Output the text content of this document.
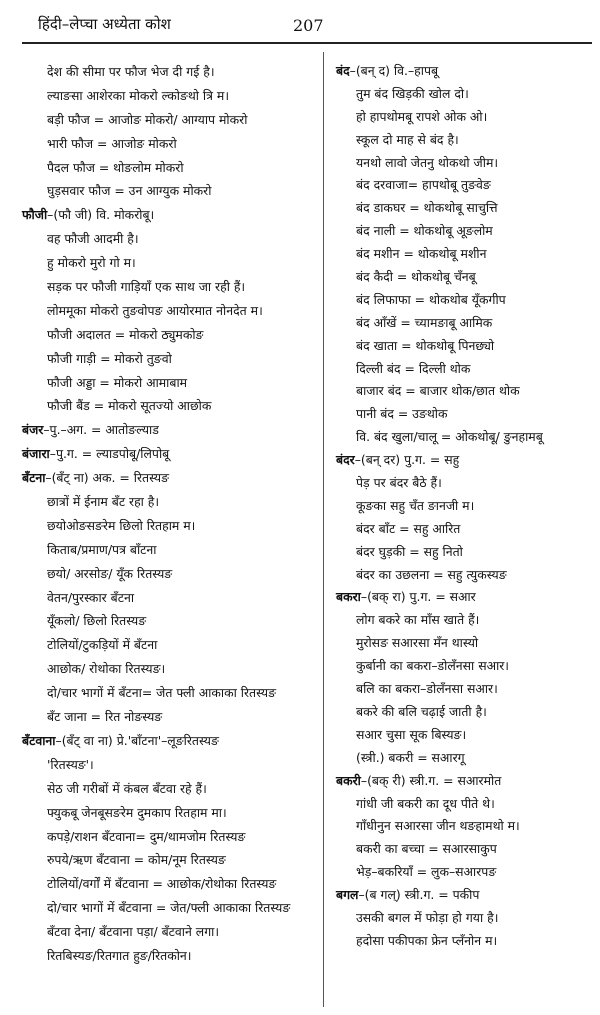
हिंदी–लेप्चा अध्येता कोश	207
देश की सीमा पर फौज भेज दी गई है।
ल्याङसा आशेरका मोकरो ल्कोङथो त्रि म।
बड़ी फौज = आजोङ मोकरो/ आग्याप मोकरो
भारी फौज = आजोङ मोकरो
पैदल फौज = थोङलोम मोकरो
घुड़सवार फौज = उन आग्युक मोकरो
फौजी–(फौ जी) वि. मोकरोबू।
वह फौजी आदमी है।
हु मोकरो मुरो गो म।
सड़क पर फौजी गाड़ियाँ एक साथ जा रही हैं।
लोममूका मोकरो तुङवोपङ आयोरमात नोनदेत म।
फौजी अदालत = मोकरो ठ्युमकोङ
फौजी गाड़ी = मोकरो तुङवो
फौजी अड्डा = मोकरो आमाबाम
फौजी बैंड = मोकरो सूतज्यो आछोक
बंजर–पु.–अग. = आतोङल्याड
बंजारा–पु.ग. = ल्याडपोबू/लिपोबू
बँटना–(बँट् ना) अक. = रितस्यङ
छात्रों में ईनाम बँट रहा है।
छयोओङसङरेम छिलो रितहाम म।
किताब/प्रमाण/पत्र बाँटना
छयो/ अरसोङ/ यूँक रितस्यङ
वेतन/पुरस्कार बँटना
यूँकलो/ छिलो रितस्यङ
टोलियों/टुकड़ियों में बँटना
आछोक/ रोथोका रितस्यङ।
दो/चार भागों में बँटना= जेत फ्ली आकाका रितस्यङ
बँट जाना = रित नोङस्यङ
बँटवाना–(बँट् वा ना) प्रे.'बाँटना'–लूङरितस्यङ
'रितस्यङ'।
सेठ जी गरीबों में कंबल बँटवा रहे हैं।
फ्युकबू जेनबूसङरेम दुमकाप रितहाम मा।
कपड़े/राशन बँटवाना= दुम/थामजोम रितस्यङ
रुपये/ऋण बँटवाना = कोम/नूम रितस्यङ
टोलियों/वर्गों में बँटवाना = आछोक/रोथोका रितस्यङ
दो/चार भागों में बँटवाना = जेत/फ्ली आकाका रितस्यङ
बँटवा देना/ बँटवाना पड़ा/ बँटवाने लगा।
रितबिस्यङ/रितगात हुङ/रितकोन।
बंद–(बन् द) वि.–हापबू
तुम बंद खिड़की खोल दो।
हो हापथोमबू रापशे ओक ओ।
स्कूल दो माह से बंद है।
यनथो लावो जेतनु थोकथो जीम।
बंद दरवाजा= हापथोबू तुङवेङ
बंद डाकघर = थोकथोबू साचुत्ति
बंद नाली = थोकथोबू अूङलोम
बंद मशीन = थोकथोबू मशीन
बंद कैदी = थोकथोबू चँनबू
बंद लिफाफा = थोकथोब यूँकगीप
बंद आँखें = च्यामङाबू आमिक
बंद खाता = थोकथोबू पिनछ्यो
दिल्ली बंद = दिल्ली थोक
बाजार बंद = बाजार थोक/छात थोक
पानी बंद = उङथोक
वि. बंद खुला/चालू = ओकथोबू/ ङुनहामबू
बंदर–(बन् दर) पु.ग. = सहु
पेड़ पर बंदर बैठे हैं।
कूङका सहु चँत ङानजी म।
बंदर बाँट = सहु आरित
बंदर घुड़की = सहु नितो
बंदर का उछलना = सहु त्युकस्यङ
बकरा–(बक् रा) पु.ग. = सआर
लोग बकरे का माँस खाते हैं।
मुरोसङ सआरसा मँन थास्यो
कुर्बानी का बकरा–डोलँनसा सआर।
बलि का बकरा–डोलँनसा सआर।
बकरे की बलि चढ़ाई जाती है।
सआर चुसा सूक बिस्यङ।
(स्त्री.) बकरी = सआरगू
बकरी–(बक् री) स्त्री.ग. = सआरमोत
गांधी जी बकरी का दूध पीते थे।
गाँधीनुन सआरसा जीन थङहामथो म।
बकरी का बच्चा = सआरसाकुप
भेड़–बकरियाँ = लुक–सआरपङ
बगल–(ब गल्) स्त्री.ग. = पकीप
उसकी बगल में फोड़ा हो गया है।
हदोसा पकीपका फ्रेन प्लँनोन म।
